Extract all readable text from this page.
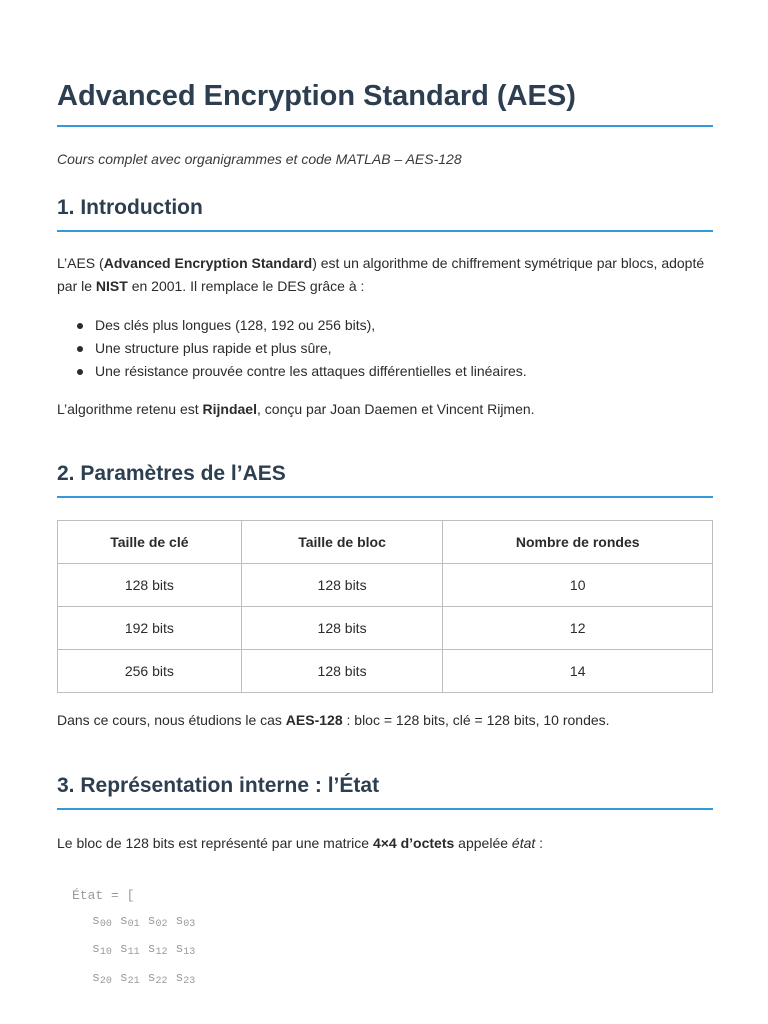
Advanced Encryption Standard (AES)
Cours complet avec organigrammes et code MATLAB – AES-128
1. Introduction

L’AES (Advanced Encryption Standard) est un algorithme de chiffrement symétrique par blocs, adopté par le NIST en 2001. Il remplace le DES grâce à :

Des clés plus longues (128, 192 ou 256 bits),
Une structure plus rapide et plus sûre,
Une résistance prouvée contre les attaques différentielles et linéaires.

L’algorithme retenu est Rijndael, conçu par Joan Daemen et Vincent Rijmen.

2. Paramètres de l’AES
Taille de clé	Taille de bloc	Nombre de rondes
128 bits	128 bits	10
192 bits	128 bits	12
256 bits	128 bits	14

Dans ce cours, nous étudions le cas AES-128 : bloc = 128 bits, clé = 128 bits, 10 rondes.

3. Représentation interne : l’État

Le bloc de 128 bits est représenté par une matrice 4×4 d’octets appelée état :

État = [

$s_{00}$ $s_{01}$ $s_{02}$ $s_{03}$
$s_{10}$ $s_{11}$ $s_{12}$ $s_{13}$
$s_{20}$ $s_{21}$ $s_{22}$ $s_{23}$
